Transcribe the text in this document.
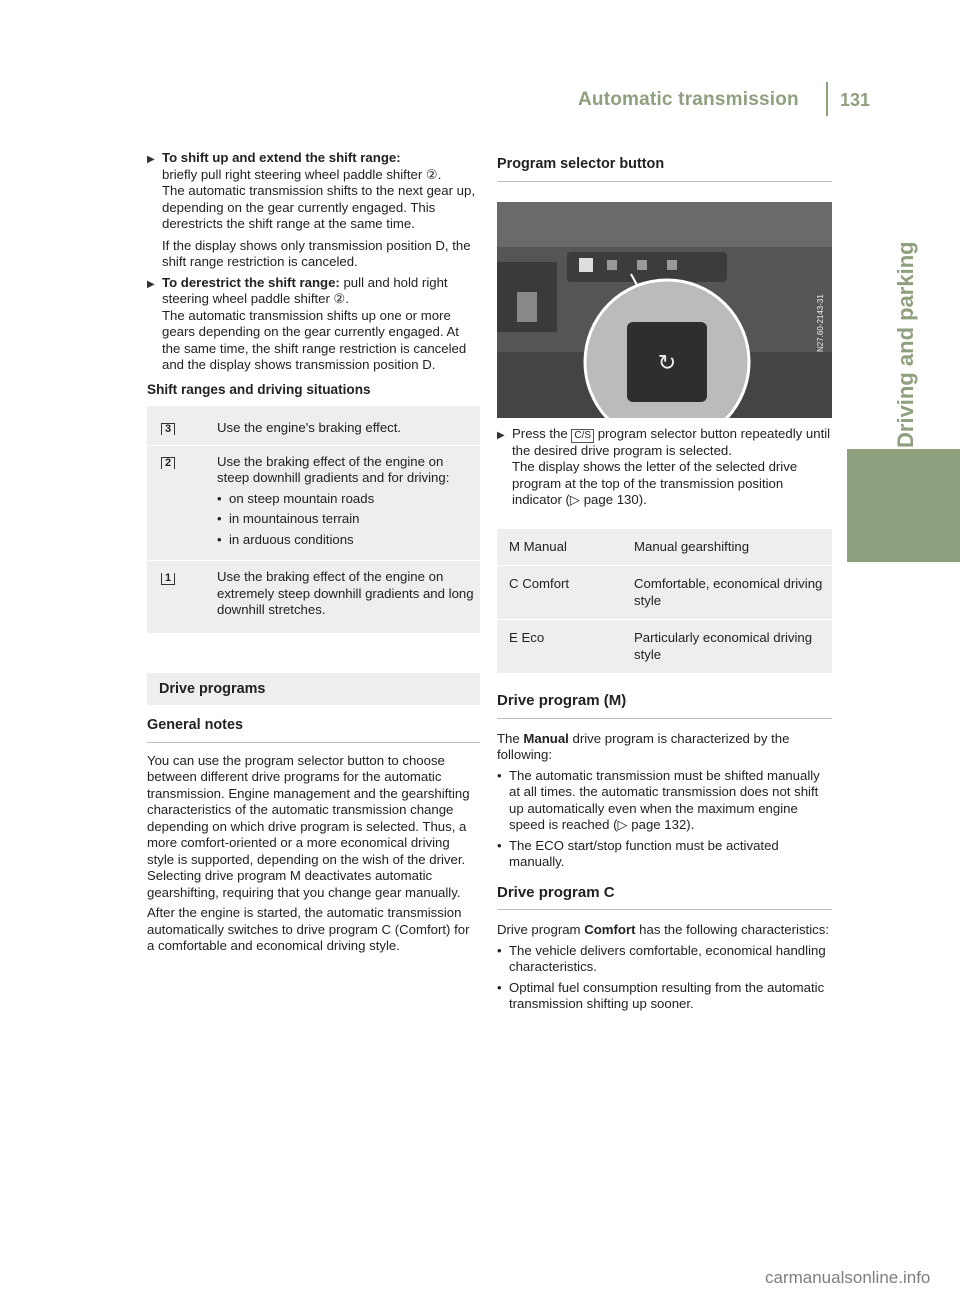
Automatic transmission 131
Driving and parking
▶ To shift up and extend the shift range:

briefly pull right steering wheel paddle shifter ②.

The automatic transmission shifts to the next gear up, depending on the gear currently engaged. This derestricts the shift range at the same time.

If the display shows only transmission position D, the shift range restriction is canceled.

▶ To derestrict the shift range: pull and hold right steering wheel paddle shifter ②.

The automatic transmission shifts up one or more gears depending on the gear currently engaged. At the same time, the shift range restriction is canceled and the display shows transmission position D.

Shift ranges and driving situations
3	Use the engine's braking effect.
2	Use the braking effect of the engine on steep downhill gradients and for driving:
• on steep mountain roads
• in mountainous terrain
• in arduous conditions
1	Use the braking effect of the engine on extremely steep downhill gradients and long downhill stretches.
Drive programs
General notes

You can use the program selector button to choose between different drive programs for the automatic transmission. Engine management and the gearshifting characteristics of the automatic transmission change depending on which drive program is selected. Thus, a more comfort-oriented or a more economical driving style is supported, depending on the wish of the driver. Selecting drive program M deactivates automatic gearshifting, requiring that you change gear manually.

After the engine is started, the automatic transmission automatically switches to drive program C (Comfort) for a comfortable and economical driving style.

Program selector button
↻
N27.60-2143-31
▶ Press the C/S program selector button repeatedly until the desired drive program is selected.

The display shows the letter of the selected drive program at the top of the transmission position indicator (▷ page 130).

M Manual	Manual gearshifting
C Comfort	Comfortable, economical driving style
E Eco	Particularly economical driving style
Drive program (M)

The Manual drive program is characterized by the following:

• The automatic transmission must be shifted manually at all times. the automatic transmission does not shift up automatically even when the maximum engine speed is reached (▷ page 132).
• The ECO start/stop function must be activated manually.
Drive program C

Drive program Comfort has the following characteristics:

• The vehicle delivers comfortable, economical handling characteristics.
• Optimal fuel consumption resulting from the automatic transmission shifting up sooner.
carmanualsonline.info
